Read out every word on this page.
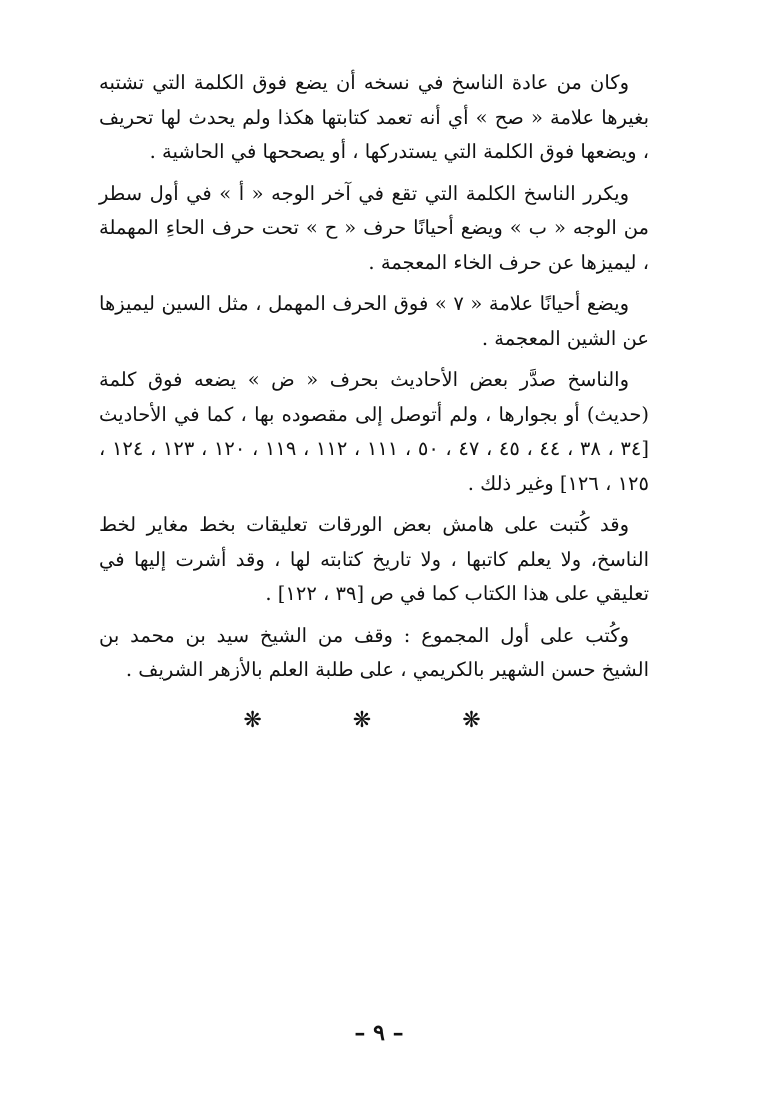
وكان من عادة الناسخ في نسخه أن يضع فوق الكلمة التي تشتبه بغيرها علامة « صح » أي أنه تعمد كتابتها هكذا ولم يحدث لها تحريف ، ويضعها فوق الكلمة التي يستدركها ، أو يصححها في الحاشية .

ويكرر الناسخ الكلمة التي تقع في آخر الوجه « أ » في أول سطر من الوجه « ب » ويضع أحيانًا حرف « ح » تحت حرف الحاءِ المهملة ، ليميزها عن حرف الخاء المعجمة .

ويضع أحيانًا علامة « ٧ » فوق الحرف المهمل ، مثل السين ليميزها عن الشين المعجمة .

والناسخ صدَّر بعض الأحاديث بحرف « ض » يضعه فوق كلمة (حديث) أو بجوارها ، ولم أتوصل إلى مقصوده بها ، كما في الأحاديث [٣٤ ، ٣٨ ، ٤٤ ، ٤٥ ، ٤٧ ، ٥٠ ، ١١١ ، ١١٢ ، ١١٩ ، ١٢٠ ، ١٢٣ ، ١٢٤ ، ١٢٥ ، ١٢٦] وغير ذلك .

وقد كُتبت على هامش بعض الورقات تعليقات بخط مغاير لخط الناسخ، ولا يعلم كاتبها ، ولا تاريخ كتابته لها ، وقد أشرت إليها في تعليقي على هذا الكتاب كما في ص [٣٩ ، ١٢٢] .

وكُتب على أول المجموع : وقف من الشيخ سيد بن محمد بن الشيخ حسن الشهير بالكريمي ، على طلبة العلم بالأزهر الشريف .

❋	❋	❋
– ٩ –
